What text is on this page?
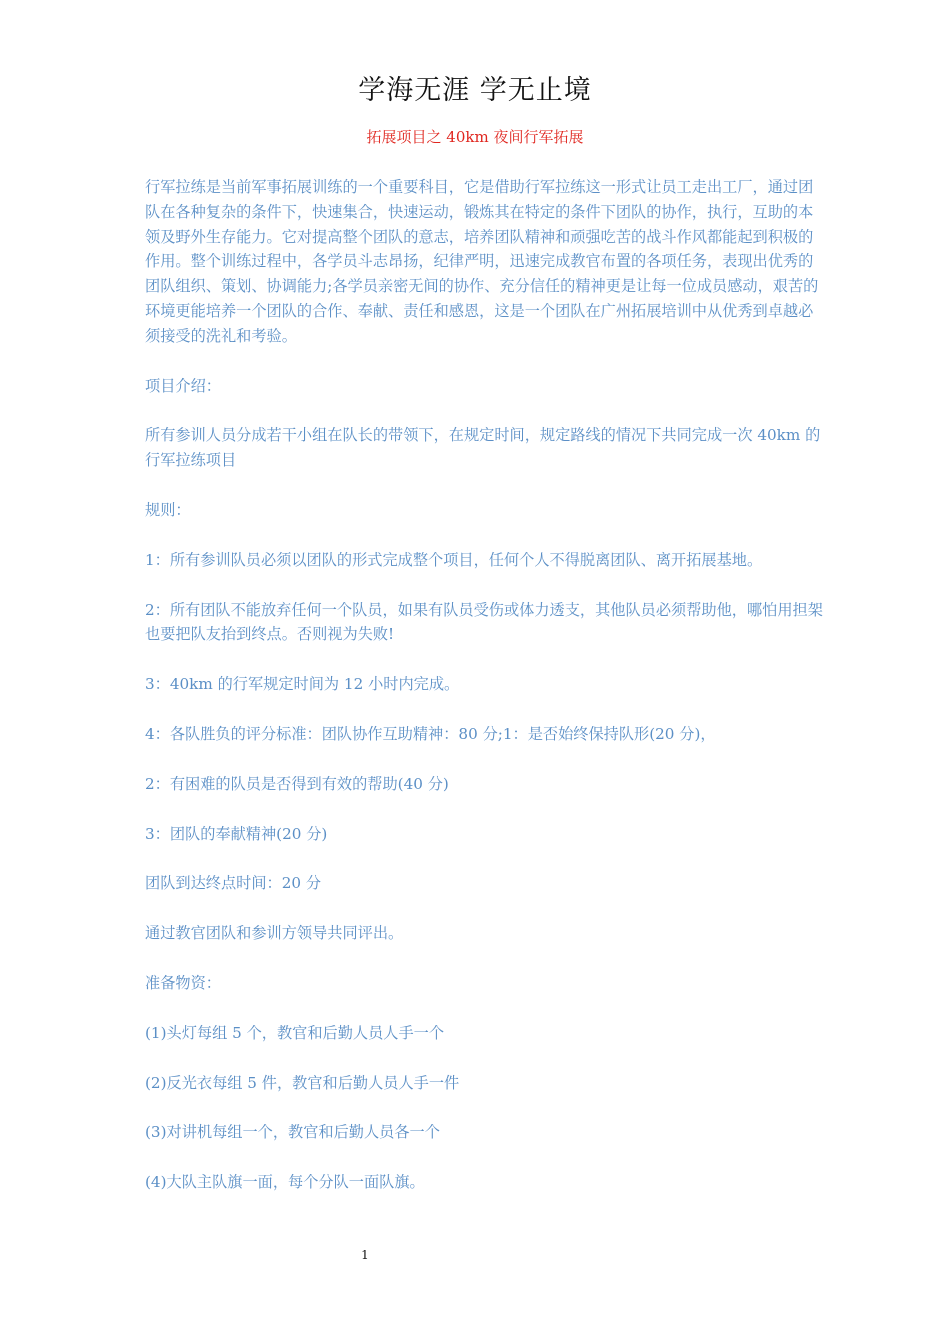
学海无涯 学无止境
拓展项目之 40km 夜间行军拓展

行军拉练是当前军事拓展训练的一个重要科目，它是借助行军拉练这一形式让员工走出工厂，通过团队在各种复杂的条件下，快速集合，快速运动，锻炼其在特定的条件下团队的协作，执行，互助的本领及野外生存能力。它对提高整个团队的意志，培养团队精神和顽强吃苦的战斗作风都能起到积极的作用。整个训练过程中，各学员斗志昂扬，纪律严明，迅速完成教官布置的各项任务，表现出优秀的团队组织、策划、协调能力;各学员亲密无间的协作、充分信任的精神更是让每一位成员感动，艰苦的环境更能培养一个团队的合作、奉献、责任和感恩，这是一个团队在广州拓展培训中从优秀到卓越必须接受的洗礼和考验。

项目介绍：

所有参训人员分成若干小组在队长的带领下，在规定时间，规定路线的情况下共同完成一次 40km 的行军拉练项目

规则：

1：所有参训队员必须以团队的形式完成整个项目，任何个人不得脱离团队、离开拓展基地。

2：所有团队不能放弃任何一个队员，如果有队员受伤或体力透支，其他队员必须帮助他，哪怕用担架也要把队友抬到终点。否则视为失败!

3：40km 的行军规定时间为 12 小时内完成。

4：各队胜负的评分标准：团队协作互助精神：80 分;1：是否始终保持队形(20 分)，

2：有困难的队员是否得到有效的帮助(40 分)

3：团队的奉献精神(20 分)

团队到达终点时间：20 分

通过教官团队和参训方领导共同评出。

准备物资：

(1)头灯每组 5 个，教官和后勤人员人手一个

(2)反光衣每组 5 件，教官和后勤人员人手一件

(3)对讲机每组一个，教官和后勤人员各一个

(4)大队主队旗一面，每个分队一面队旗。

1
